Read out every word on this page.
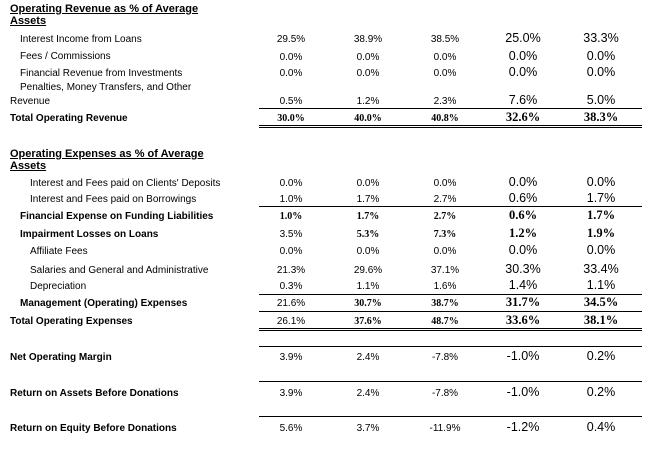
Operating Revenue as % of Average
Assets
Interest Income from Loans	29.5%	38.9%	38.5%	25.0%	33.3%
Fees / Commissions	0.0%	0.0%	0.0%	0.0%	0.0%
Financial Revenue from Investments	0.0%	0.0%	0.0%	0.0%	0.0%
Penalties, Money Transfers, and Other
Revenue	0.5%	1.2%	2.3%	7.6%	5.0%
Total Operating Revenue	30.0%	40.0%	40.8%	32.6%	38.3%
Operating Expenses as % of Average
Assets
Interest and Fees paid on Clients' Deposits	0.0%	0.0%	0.0%	0.0%	0.0%
Interest and Fees paid on Borrowings	1.0%	1.7%	2.7%	0.6%	1.7%
Financial Expense on Funding Liabilities	1.0%	1.7%	2.7%	0.6%	1.7%
Impairment Losses on Loans	3.5%	5.3%	7.3%	1.2%	1.9%
Affiliate Fees	0.0%	0.0%	0.0%	0.0%	0.0%
Salaries and General and Administrative	21.3%	29.6%	37.1%	30.3%	33.4%
Depreciation	0.3%	1.1%	1.6%	1.4%	1.1%
Management (Operating) Expenses	21.6%	30.7%	38.7%	31.7%	34.5%
Total Operating Expenses	26.1%	37.6%	48.7%	33.6%	38.1%
Net Operating Margin	3.9%	2.4%	-7.8%	-1.0%	0.2%
Return on Assets Before Donations	3.9%	2.4%	-7.8%	-1.0%	0.2%
Return on Equity Before Donations	5.6%	3.7%	-11.9%	-1.2%	0.4%
